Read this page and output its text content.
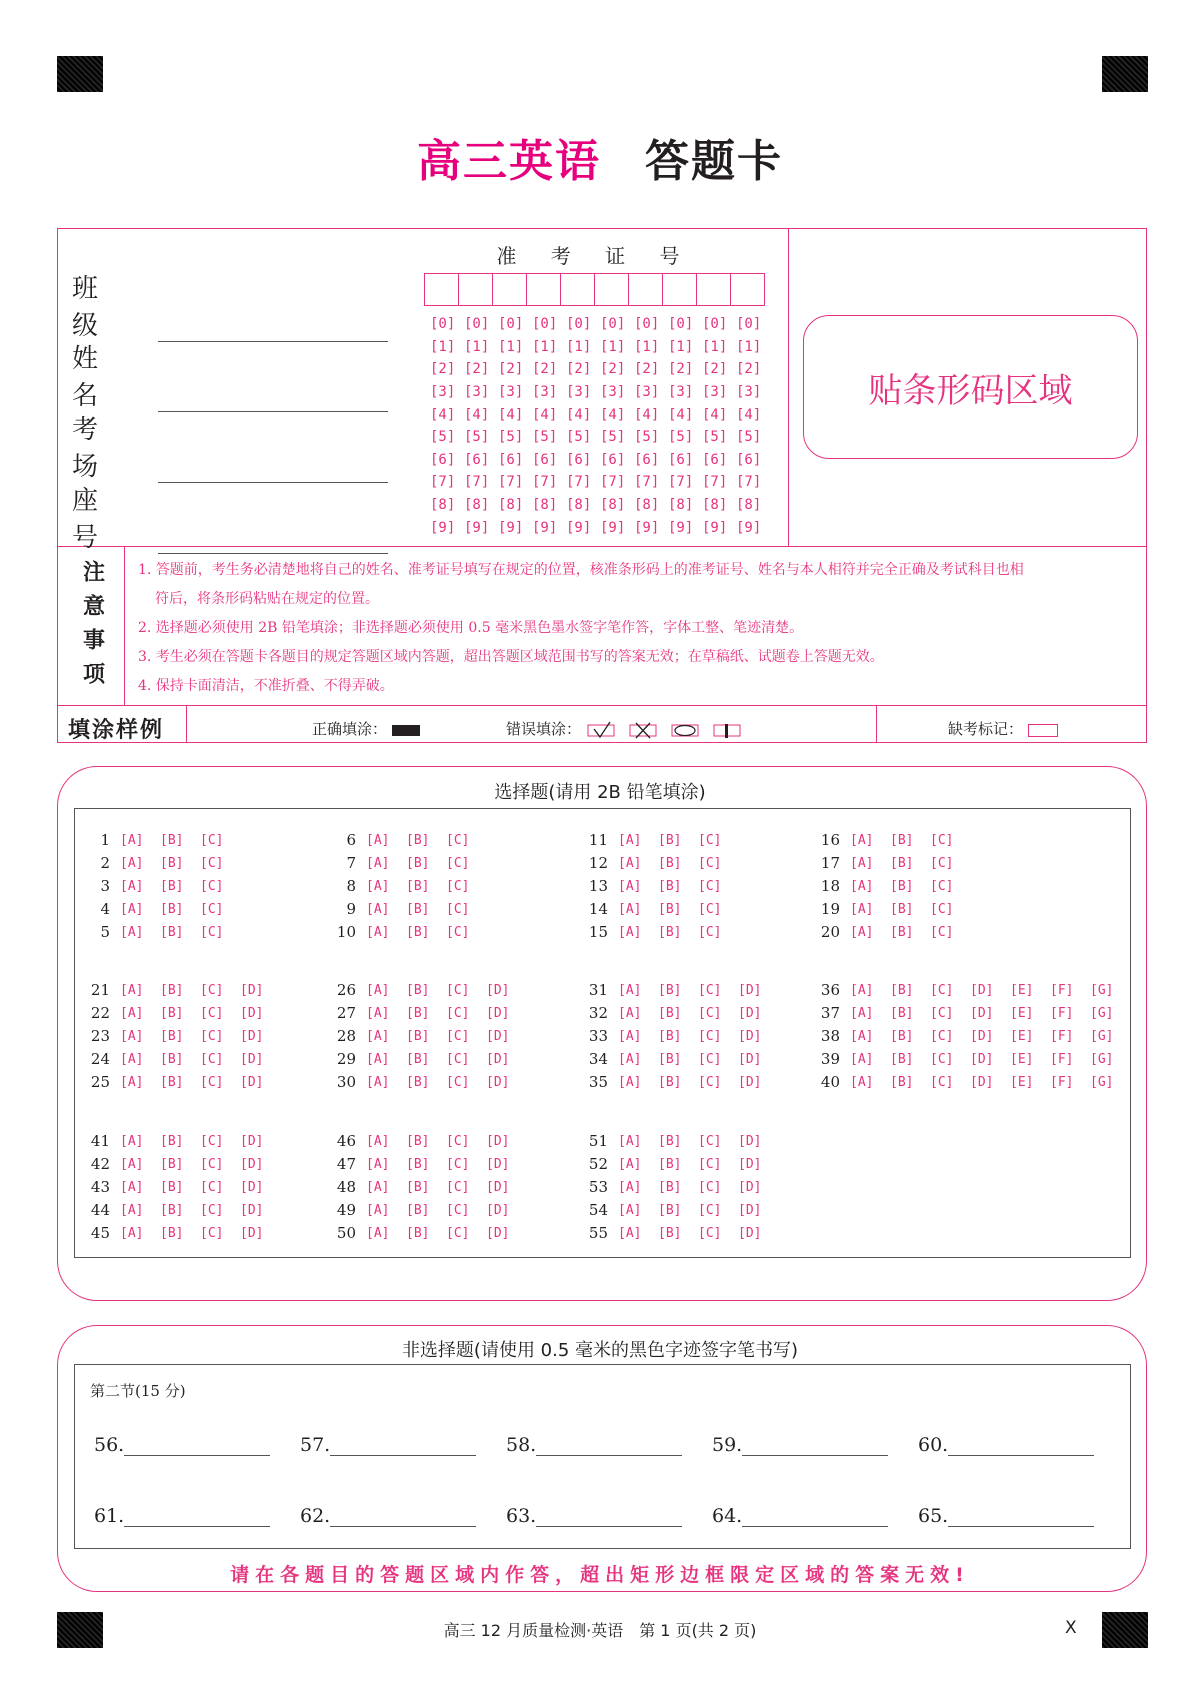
高三英语 答题卡
班 级
姓 名
考 场
座 号
准 考 证 号
[0] [0] [0] [0] [0] [0] [0] [0] [0] [0]
[1] [1] [1] [1] [1] [1] [1] [1] [1] [1]
[2] [2] [2] [2] [2] [2] [2] [2] [2] [2]
[3] [3] [3] [3] [3] [3] [3] [3] [3] [3]
[4] [4] [4] [4] [4] [4] [4] [4] [4] [4]
[5] [5] [5] [5] [5] [5] [5] [5] [5] [5]
[6] [6] [6] [6] [6] [6] [6] [6] [6] [6]
[7] [7] [7] [7] [7] [7] [7] [7] [7] [7]
[8] [8] [8] [8] [8] [8] [8] [8] [8] [8]
[9] [9] [9] [9] [9] [9] [9] [9] [9] [9]
贴条形码区域
注意事项 1. 答题前，考生务必清楚地将自己的姓名、准考证号填写在规定的位置，核准条形码上的准考证号、姓名与本人相符并完全正确及考试科目也相

符后，将条形码粘贴在规定的位置。

2. 选择题必须使用 2B 铅笔填涂；非选择题必须使用 0.5 毫米黑色墨水签字笔作答，字体工整、笔迹清楚。

3. 考生必须在答题卡各题目的规定答题区域内答题，超出答题区域范围书写的答案无效；在草稿纸、试题卷上答题无效。

4. 保持卡面清洁，不准折叠、不得弄破。

填涂样例	正确填涂：	错误填涂：	缺考标记：
选择题(请用 2B 铅笔填涂)
1 [A]	[B]	[C]
2 [A]	[B]	[C]
3 [A]	[B]	[C]
4 [A]	[B]	[C]
5 [A]	[B]	[C]
6 [A]	[B]	[C]
7 [A]	[B]	[C]
8 [A]	[B]	[C]
9 [A]	[B]	[C]
10 [A]	[B]	[C]
11 [A]	[B]	[C]
12 [A]	[B]	[C]
13 [A]	[B]	[C]
14 [A]	[B]	[C]
15 [A]	[B]	[C]
16 [A]	[B]	[C]
17 [A]	[B]	[C]
18 [A]	[B]	[C]
19 [A]	[B]	[C]
20 [A]	[B]	[C]
21 [A]	[B]	[C]	[D]
22 [A]	[B]	[C]	[D]
23 [A]	[B]	[C]	[D]
24 [A]	[B]	[C]	[D]
25 [A]	[B]	[C]	[D]
26 [A]	[B]	[C]	[D]
27 [A]	[B]	[C]	[D]
28 [A]	[B]	[C]	[D]
29 [A]	[B]	[C]	[D]
30 [A]	[B]	[C]	[D]
31 [A]	[B]	[C]	[D]
32 [A]	[B]	[C]	[D]
33 [A]	[B]	[C]	[D]
34 [A]	[B]	[C]	[D]
35 [A]	[B]	[C]	[D]
36 [A]	[B]	[C]	[D]	[E]	[F]	[G]
37 [A]	[B]	[C]	[D]	[E]	[F]	[G]
38 [A]	[B]	[C]	[D]	[E]	[F]	[G]
39 [A]	[B]	[C]	[D]	[E]	[F]	[G]
40 [A]	[B]	[C]	[D]	[E]	[F]	[G]
41 [A]	[B]	[C]	[D]
42 [A]	[B]	[C]	[D]
43 [A]	[B]	[C]	[D]
44 [A]	[B]	[C]	[D]
45 [A]	[B]	[C]	[D]
46 [A]	[B]	[C]	[D]
47 [A]	[B]	[C]	[D]
48 [A]	[B]	[C]	[D]
49 [A]	[B]	[C]	[D]
50 [A]	[B]	[C]	[D]
51 [A]	[B]	[C]	[D]
52 [A]	[B]	[C]	[D]
53 [A]	[B]	[C]	[D]
54 [A]	[B]	[C]	[D]
55 [A]	[B]	[C]	[D]
非选择题(请使用 0.5 毫米的黑色字迹签字笔书写)
第二节(15 分)
56.	57.	58.	59.	60.
61.	62.	63.	64.	65.
请在各题目的答题区域内作答，超出矩形边框限定区域的答案无效!
高三 12 月质量检测·英语　第 1 页(共 2 页)	X
